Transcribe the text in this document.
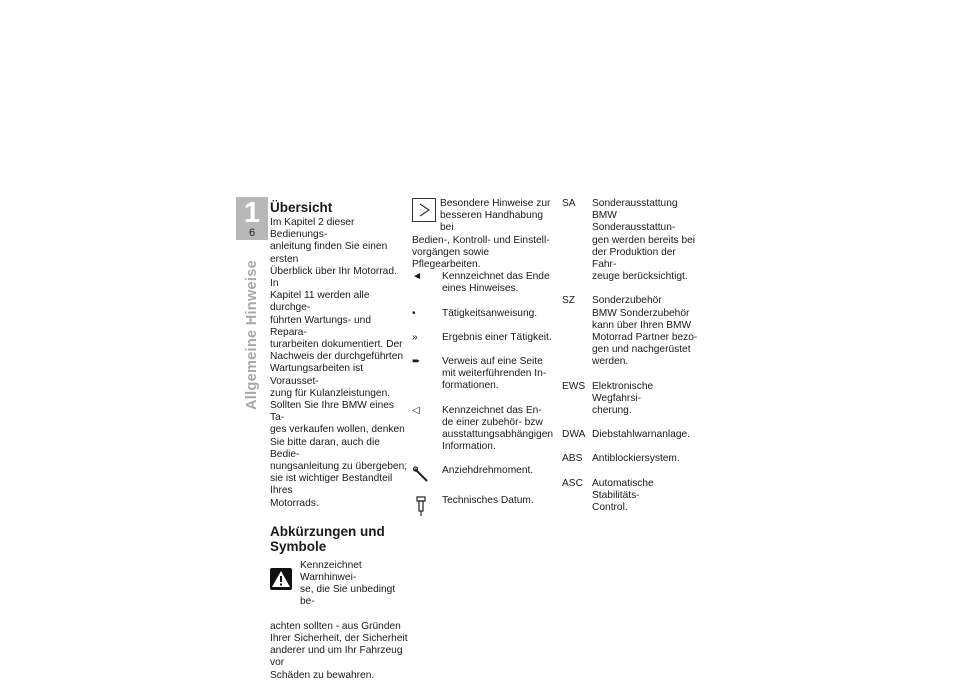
1
6
Allgemeine Hinweise
Übersicht

Im Kapitel 2 dieser Bedienungs-
anleitung finden Sie einen ersten
Überblick über Ihr Motorrad. In
Kapitel 11 werden alle durchge-
führten Wartungs- und Repara-
turarbeiten dokumentiert. Der
Nachweis der durchgeführten
Wartungsarbeiten ist Vorausset-
zung für Kulanzleistungen.
Sollten Sie Ihre BMW eines Ta-
ges verkaufen wollen, denken
Sie bitte daran, auch die Bedie-
nungsanleitung zu übergeben;
sie ist wichtiger Bestandteil Ihres
Motorrads.

Abkürzungen und
Symbole

Kennzeichnet Warnhinwei-
se, die Sie unbedingt be-

achten sollten - aus Gründen
Ihrer Sicherheit, der Sicherheit
anderer und um Ihr Fahrzeug vor
Schäden zu bewahren.

Besondere Hinweise zur
besseren Handhabung bei

Bedien-, Kontroll- und Einstell-
vorgängen sowie Pflegearbeiten.

◄	Kennzeichnet das Ende
eines Hinweises.

•	Tätigkeitsanweisung.

»	Ergebnis einer Tätigkeit.

➨	Verweis auf eine Seite
mit weiterführenden In-
formationen.

◁	Kennzeichnet das En-
de einer zubehör- bzw
ausstattungsabhängigen
Information.

Anziehdrehmoment.

Technisches Datum.

SA Sonderausstattung
BMW Sonderausstattun-
gen werden bereits bei
der Produktion der Fahr-
zeuge berücksichtigt.

SZ Sonderzubehör
BMW Sonderzubehör
kann über Ihren BMW
Motorrad Partner bezo-
gen und nachgerüstet
werden.

EWS Elektronische Wegfahrsi-
cherung.

DWA Diebstahlwarnanlage.

ABS Antiblockiersystem.

ASC Automatische Stabilitäts-
Control.
